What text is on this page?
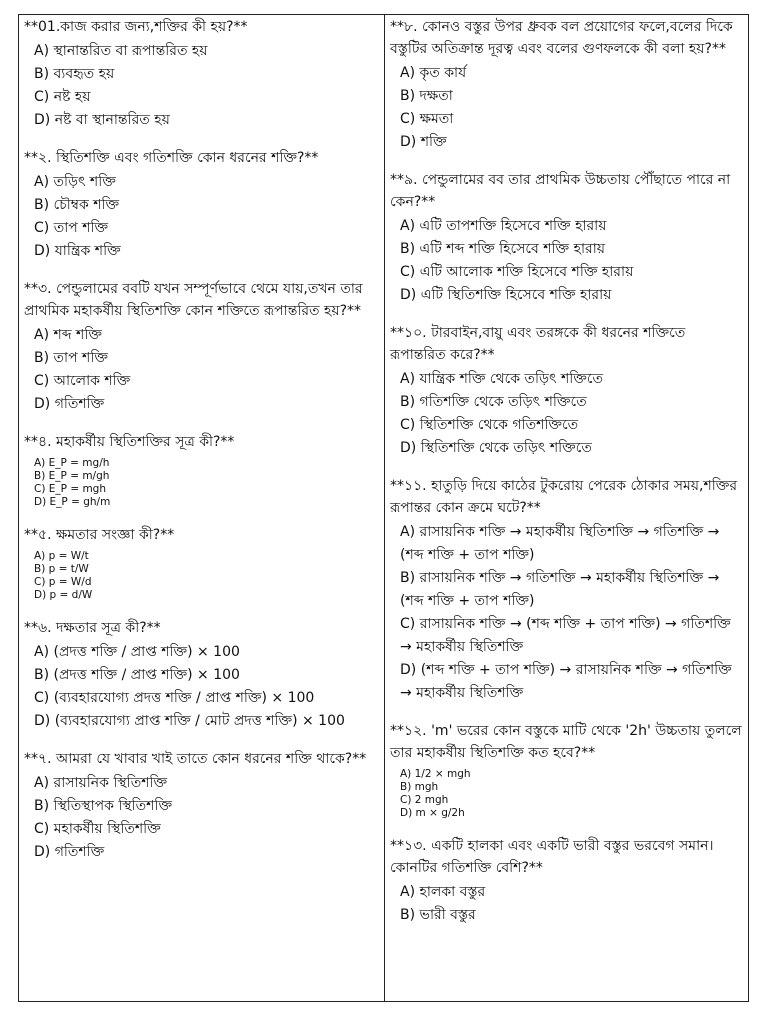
**01.কাজ করার জন্য,শক্তির কী হয়?**
A) স্থানান্তরিত বা রূপান্তরিত হয়
B) ব্যবহৃত হয়
C) নষ্ট হয়
D) নষ্ট বা স্থানান্তরিত হয়
**২. স্থিতিশক্তি এবং গতিশক্তি কোন ধরনের শক্তি?**
A) তড়িৎ শক্তি
B) চৌম্বক শক্তি
C) তাপ শক্তি
D) যান্ত্রিক শক্তি
**৩. পেন্ডুলামের ববটি যখন সম্পূর্ণভাবে থেমে যায়,তখন তার প্রাথমিক মহাকর্ষীয় স্থিতিশক্তি কোন শক্তিতে রূপান্তরিত হয়?**
A) শব্দ শক্তি
B) তাপ শক্তি
C) আলোক শক্তি
D) গতিশক্তি
**৪. মহাকর্ষীয় স্থিতিশক্তির সূত্র কী?**
A) E_P = mg/h
B) E_P = m/gh
C) E_P = mgh
D) E_P = gh/m
**৫. ক্ষমতার সংজ্ঞা কী?**
A) p = W/t
B) p = t/W
C) p = W/d
D) p = d/W
**৬. দক্ষতার সূত্র কী?**
A) (প্রদত্ত শক্তি / প্রাপ্ত শক্তি) × 100
B) (প্রদত্ত শক্তি / প্রাপ্ত শক্তি) × 100
C) (ব্যবহারযোগ্য প্রদত্ত শক্তি / প্রাপ্ত শক্তি) × 100
D) (ব্যবহারযোগ্য প্রাপ্ত শক্তি / মোট প্রদত্ত শক্তি) × 100
**৭. আমরা যে খাবার খাই তাতে কোন ধরনের শক্তি থাকে?**
A) রাসায়নিক স্থিতিশক্তি
B) স্থিতিস্থাপক স্থিতিশক্তি
C) মহাকর্ষীয় স্থিতিশক্তি
D) গতিশক্তি
**৮. কোনও বস্তুর উপর ধ্রুবক বল প্রয়োগের ফলে,বলের দিকে বস্তুটির অতিক্রান্ত দূরত্ব এবং বলের গুণফলকে কী বলা হয়?**
A) কৃত কার্য
B) দক্ষতা
C) ক্ষমতা
D) শক্তি
**৯. পেন্ডুলামের বব তার প্রাথমিক উচ্চতায় পৌঁছাতে পারে না কেন?**
A) এটি তাপশক্তি হিসেবে শক্তি হারায়
B) এটি শব্দ শক্তি হিসেবে শক্তি হারায়
C) এটি আলোক শক্তি হিসেবে শক্তি হারায়
D) এটি স্থিতিশক্তি হিসেবে শক্তি হারায়
**১০. টারবাইন,বায়ু এবং তরঙ্গকে কী ধরনের শক্তিতে রূপান্তরিত করে?**
A) যান্ত্রিক শক্তি থেকে তড়িৎ শক্তিতে
B) গতিশক্তি থেকে তড়িৎ শক্তিতে
C) স্থিতিশক্তি থেকে গতিশক্তিতে
D) স্থিতিশক্তি থেকে তড়িৎ শক্তিতে
**১১. হাতুড়ি দিয়ে কাঠের টুকরোয় পেরেক ঠোকার সময়,শক্তির রূপান্তর কোন ক্রমে ঘটে?**
A) রাসায়নিক শক্তি → মহাকর্ষীয় স্থিতিশক্তি → গতিশক্তি → (শব্দ শক্তি + তাপ শক্তি)
B) রাসায়নিক শক্তি → গতিশক্তি → মহাকর্ষীয় স্থিতিশক্তি → (শব্দ শক্তি + তাপ শক্তি)
C) রাসায়নিক শক্তি → (শব্দ শক্তি + তাপ শক্তি) → গতিশক্তি → মহাকর্ষীয় স্থিতিশক্তি
D) (শব্দ শক্তি + তাপ শক্তি) → রাসায়নিক শক্তি → গতিশক্তি → মহাকর্ষীয় স্থিতিশক্তি
**১২. 'm' ভরের কোন বস্তুকে মাটি থেকে '2h' উচ্চতায় তুললে তার মহাকর্ষীয় স্থিতিশক্তি কত হবে?**
A) 1/2 × mgh
B) mgh
C) 2 mgh
D) m × g/2h
**১৩. একটি হালকা এবং একটি ভারী বস্তুর ভরবেগ সমান। কোনটির গতিশক্তি বেশি?**
A) হালকা বস্তুর
B) ভারী বস্তুর
